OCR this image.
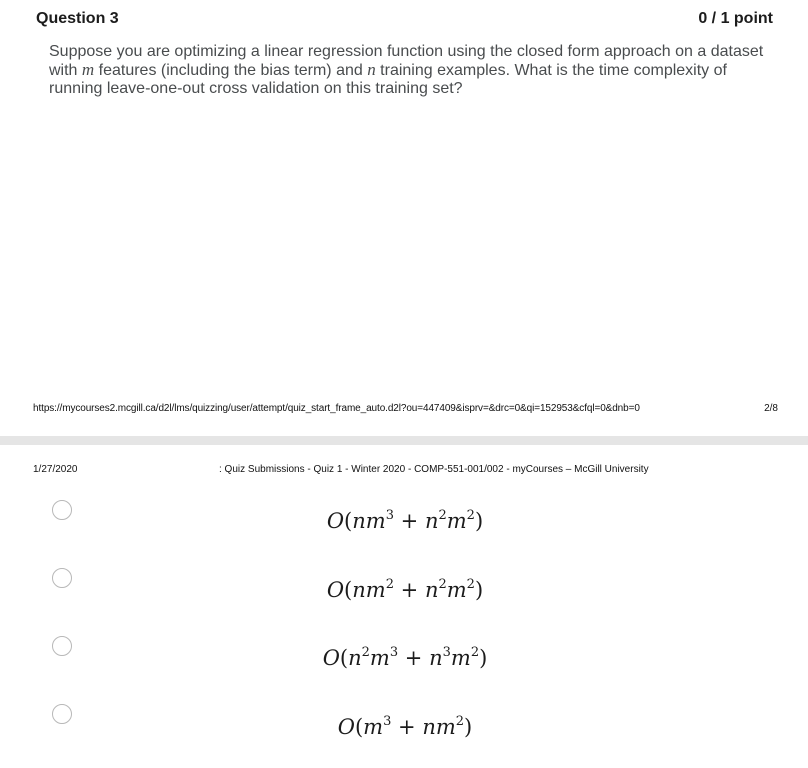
Question 3	0 / 1 point
Suppose you are optimizing a linear regression function using the closed form approach on a dataset with m features (including the bias term) and n training examples. What is the time complexity of running leave-one-out cross validation on this training set?
https://mycourses2.mcgill.ca/d2l/lms/quizzing/user/attempt/quiz_start_frame_auto.d2l?ou=447409&isprv=&drc=0&qi=152953&cfql=0&dnb=0	2/8
1/27/2020	: Quiz Submissions - Quiz 1 - Winter 2020 - COMP-551-001/002 - myCourses – McGill University
$O(nm^3 + n^2m^2)$
$O(nm^2 + n^2m^2)$
$O(n^2m^3 + n^3m^2)$
$O(m^3 + nm^2)$
